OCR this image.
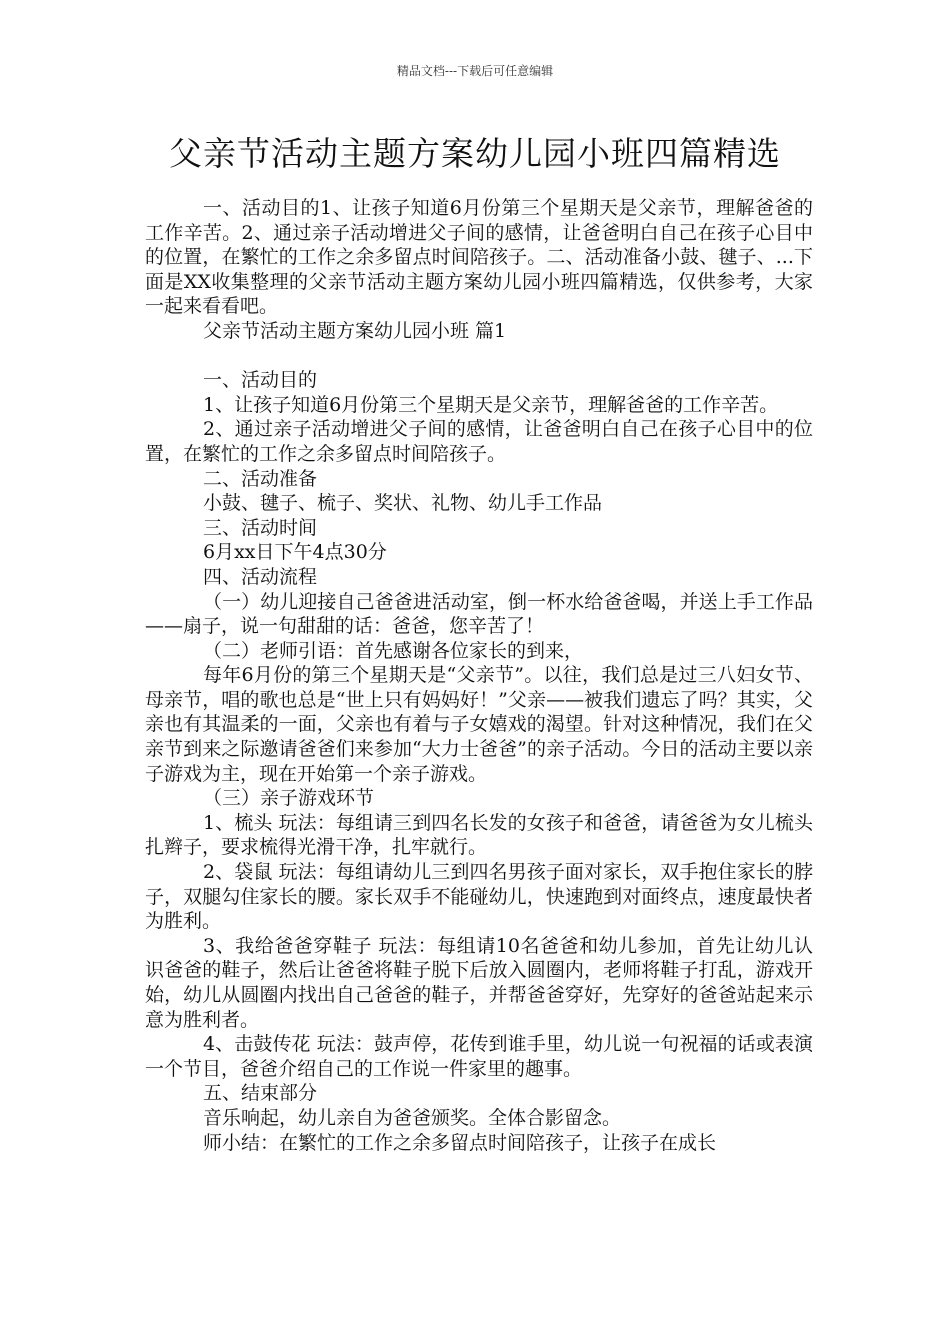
精品文档---下载后可任意编辑
父亲节活动主题方案幼儿园小班四篇精选

一、活动目的1、让孩子知道6月份第三个星期天是父亲节，理解爸爸的工作辛苦。2、通过亲子活动增进父子间的感情，让爸爸明白自己在孩子心目中的位置，在繁忙的工作之余多留点时间陪孩子。二、活动准备小鼓、毽子、...下面是XX收集整理的父亲节活动主题方案幼儿园小班四篇精选，仅供参考，大家一起来看看吧。

父亲节活动主题方案幼儿园小班 篇1

一、活动目的

1、让孩子知道6月份第三个星期天是父亲节，理解爸爸的工作辛苦。

2、通过亲子活动增进父子间的感情，让爸爸明白自己在孩子心目中的位置，在繁忙的工作之余多留点时间陪孩子。

二、活动准备

小鼓、毽子、梳子、奖状、礼物、幼儿手工作品

三、活动时间

6月xx日下午4点30分

四、活动流程

（一）幼儿迎接自己爸爸进活动室，倒一杯水给爸爸喝，并送上手工作品——扇子，说一句甜甜的话：爸爸，您辛苦了！

（二）老师引语：首先感谢各位家长的到来，

每年6月份的第三个星期天是“父亲节”。以往，我们总是过三八妇女节、母亲节，唱的歌也总是“世上只有妈妈好！”父亲——被我们遗忘了吗？其实，父亲也有其温柔的一面，父亲也有着与子女嬉戏的渴望。针对这种情况，我们在父亲节到来之际邀请爸爸们来参加“大力士爸爸”的亲子活动。今日的活动主要以亲子游戏为主，现在开始第一个亲子游戏。

（三）亲子游戏环节

1、梳头 玩法：每组请三到四名长发的女孩子和爸爸，请爸爸为女儿梳头扎辫子，要求梳得光滑干净，扎牢就行。

2、袋鼠 玩法：每组请幼儿三到四名男孩子面对家长，双手抱住家长的脖子，双腿勾住家长的腰。家长双手不能碰幼儿，快速跑到对面终点，速度最快者为胜利。

3、我给爸爸穿鞋子 玩法：每组请10名爸爸和幼儿参加，首先让幼儿认识爸爸的鞋子，然后让爸爸将鞋子脱下后放入圆圈内，老师将鞋子打乱，游戏开始，幼儿从圆圈内找出自己爸爸的鞋子，并帮爸爸穿好，先穿好的爸爸站起来示意为胜利者。

4、击鼓传花 玩法：鼓声停，花传到谁手里，幼儿说一句祝福的话或表演一个节目，爸爸介绍自己的工作说一件家里的趣事。

五、结束部分

音乐响起，幼儿亲自为爸爸颁奖。全体合影留念。

师小结：在繁忙的工作之余多留点时间陪孩子，让孩子在成长
